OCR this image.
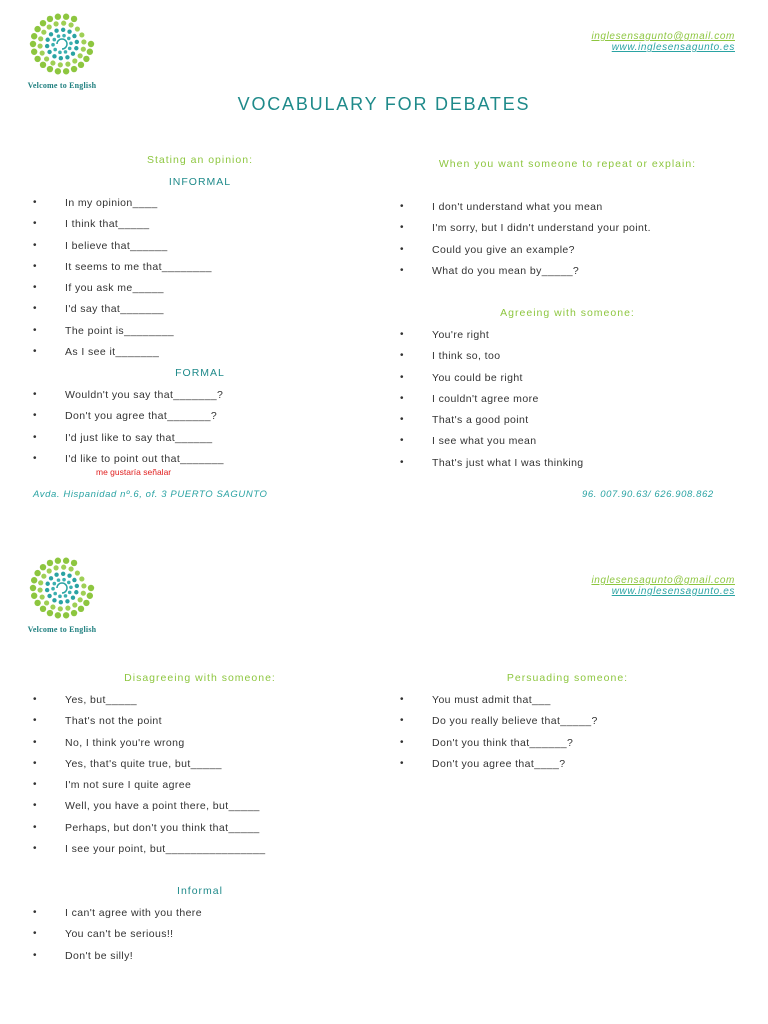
Velcome to English
inglesensagunto@gmail.com
www.inglesensagunto.es
VOCABULARY FOR DEBATES
Stating an opinion:
INFORMAL
•	In my opinion____
•	I think that_____
•	I believe that______
•	It seems to me that________
•	If you ask me_____
•	I'd say that_______
•	The point is________
•	As I see it_______
FORMAL
•	Wouldn't you say that_______?
•	Don't you agree that_______?
•	I'd just like to say that______
•	I'd like to point out that_______
me gustaría señalar
When you want someone to repeat or explain:
•	I don't understand what you mean
•	I'm sorry, but I didn't understand your point.
•	Could you give an example?
•	What do you mean by_____?
Agreeing with someone:
•	You're right
•	I think so, too
•	You could be right
•	I couldn't agree more
•	That's a good point
•	I see what you mean
•	That's just what I was thinking
Avda. Hispanidad nº.6, of. 3 PUERTO SAGUNTO	96. 007.90.63/ 626.908.862
Velcome to English
inglesensagunto@gmail.com
www.inglesensagunto.es
Disagreeing with someone:
•	Yes, but_____
•	That's not the point
•	No, I think you're wrong
•	Yes, that's quite true, but_____
•	I'm not sure I quite agree
•	Well, you have a point there, but_____
•	Perhaps, but don't you think that_____
•	I see your point, but________________
Informal
•	I can't agree with you there
•	You can't be serious!!
•	Don't be silly!
Persuading someone:
•	You must admit that___
•	Do you really believe that_____?
•	Don't you think that______?
•	Don't you agree that____?
